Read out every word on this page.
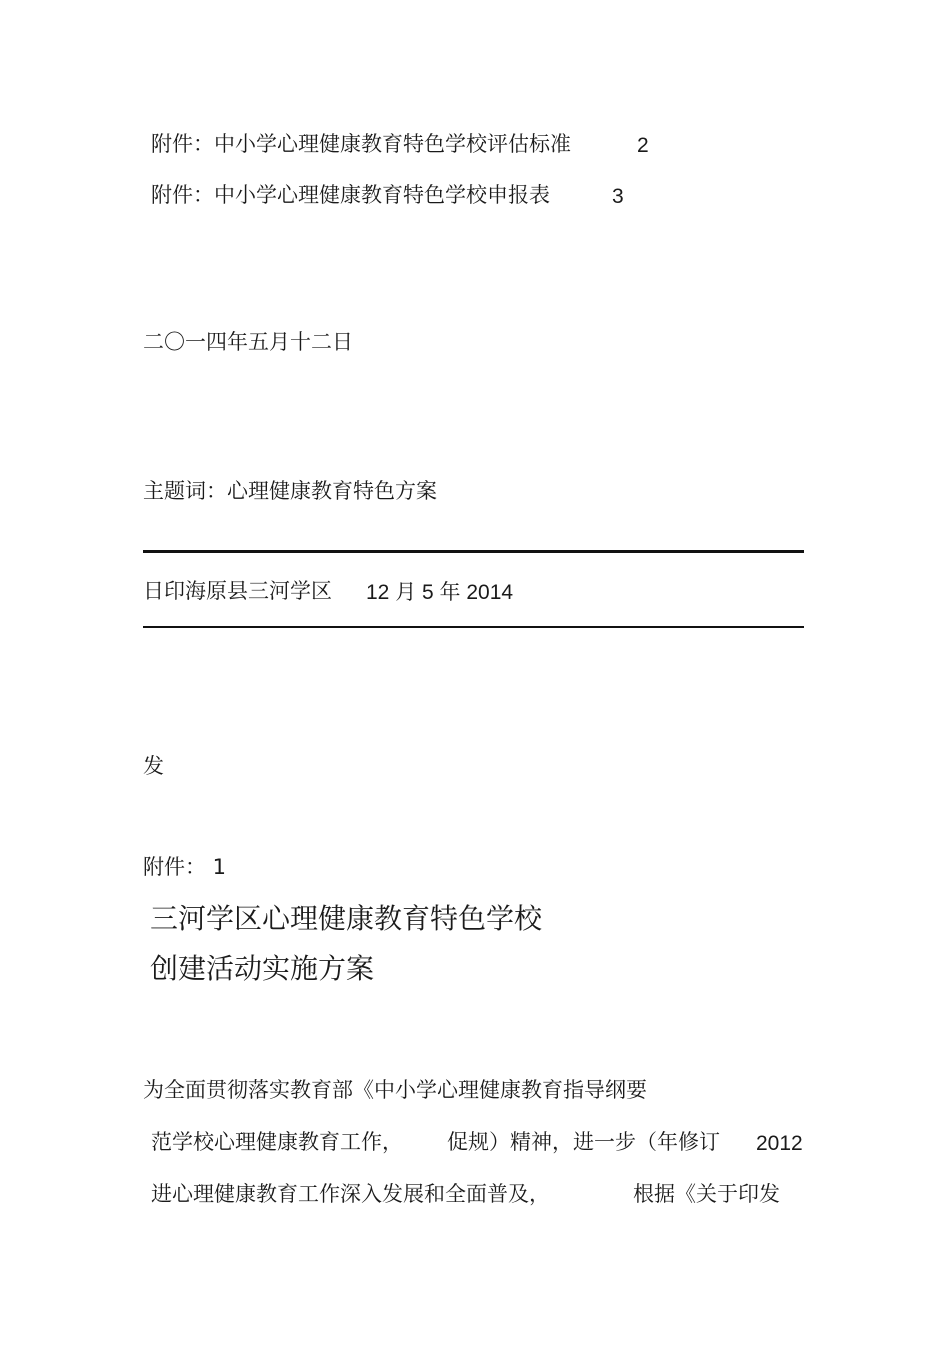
附件：中小学心理健康教育特色学校评估标准	2
附件：中小学心理健康教育特色学校申报表	3
二〇一四年五月十二日
主题词：心理健康教育特色方案
日印海原县三河学区 12 月 5 年 2014
发
附件： 1
三河学区心理健康教育特色学校
创建活动实施方案
为全面贯彻落实教育部《中小学心理健康教育指导纲要
范学校心理健康教育工作， 促规）精神，进一步（年修订 2012
进心理健康教育工作深入发展和全面普及，	根据《关于印发
